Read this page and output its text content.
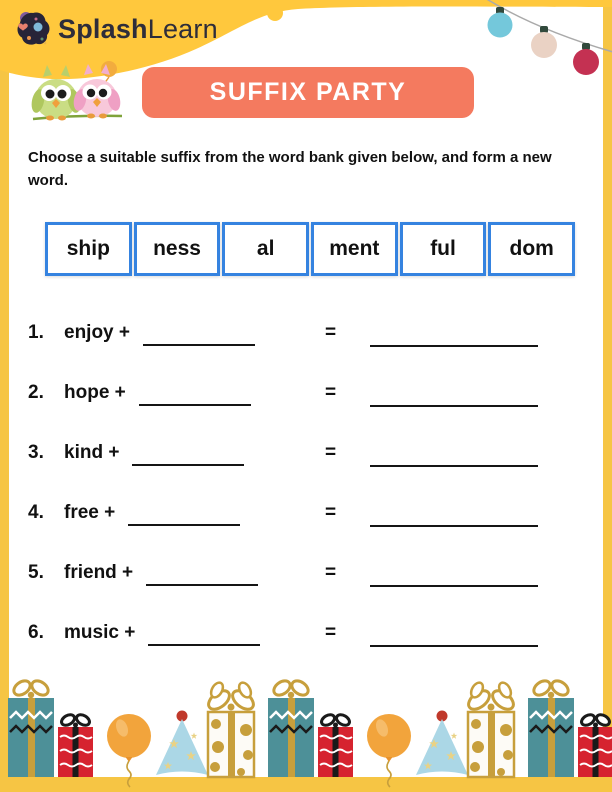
SplashLearn
SUFFIX PARTY
Choose a suitable suffix from the word bank given below, and form a new word.
ship	ness	al	ment	ful	dom
1.	enjoy +	=
2.	hope +	=
3.	kind +	=
4.	free +	=
5.	friend +	=
6.	music +	=
